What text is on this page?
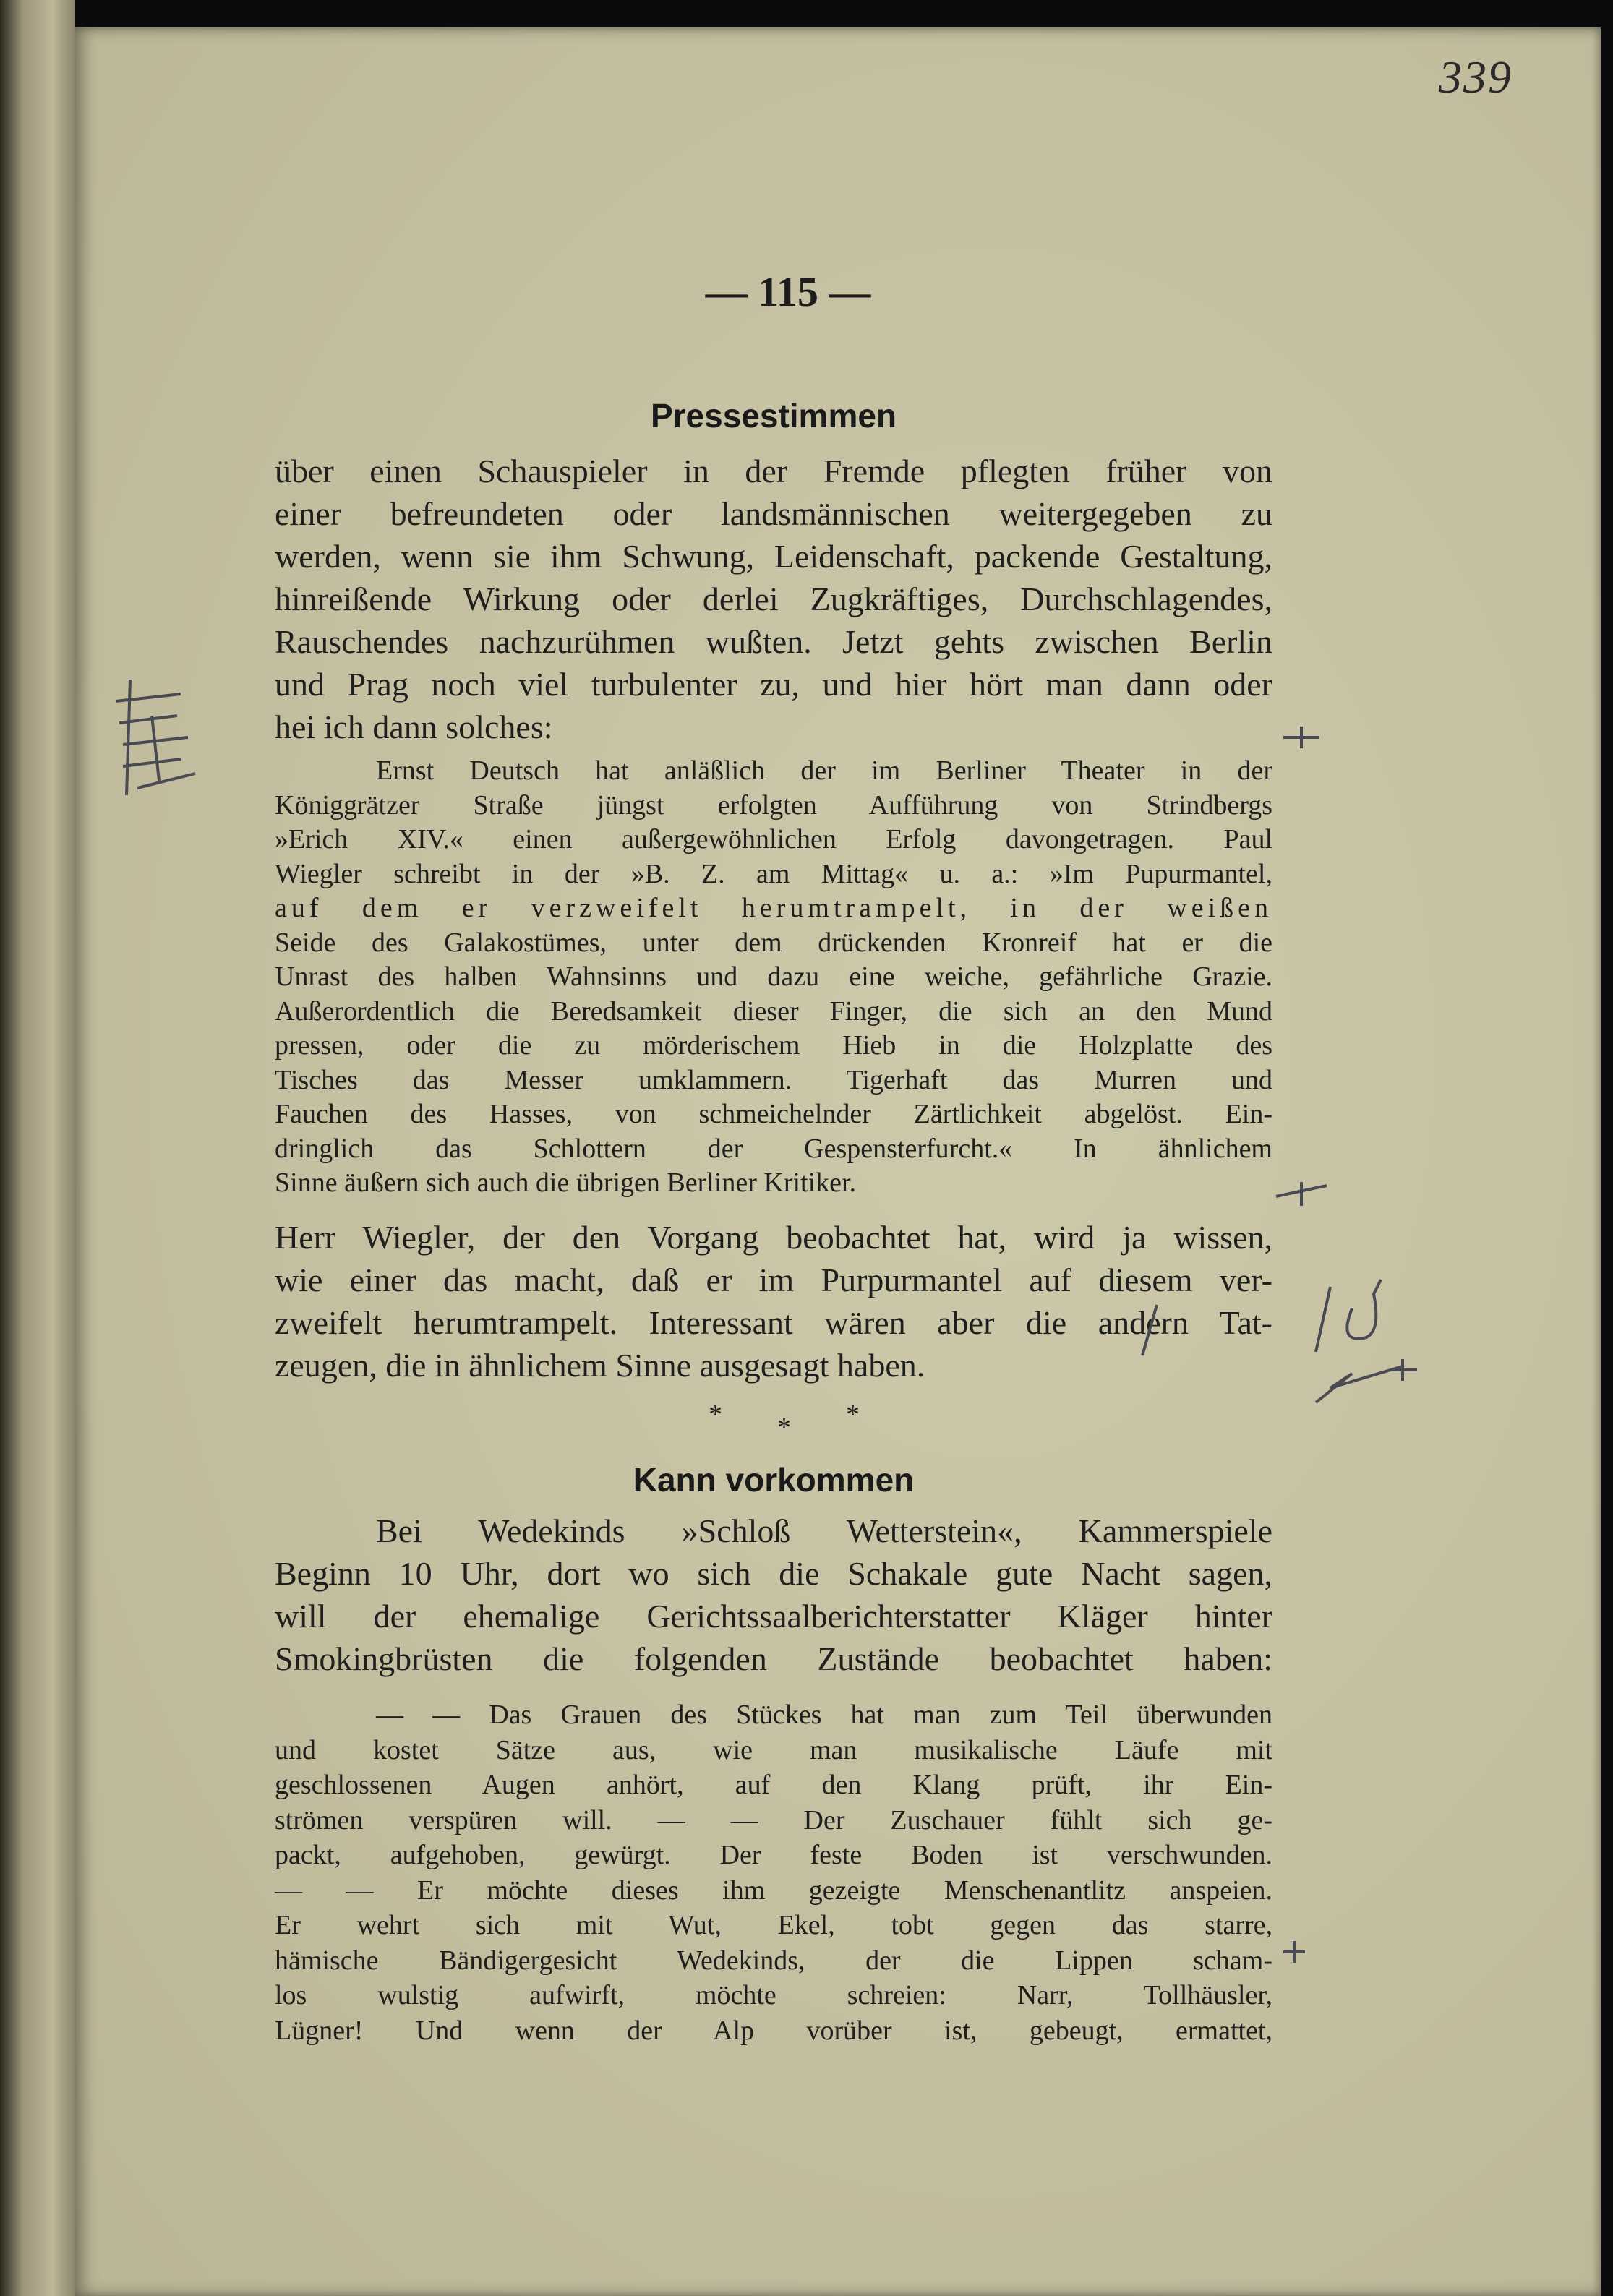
339
— 115 —
Pressestimmen

über einen Schauspieler in der Fremde pflegten früher von

einer befreundeten oder landsmännischen weitergegeben zu

werden, wenn sie ihm Schwung, Leidenschaft, packende Gestaltung,

hinreißende Wirkung oder derlei Zugkräftiges, Durchschlagendes,

Rauschendes nachzurühmen wußten. Jetzt gehts zwischen Berlin

und Prag noch viel turbulenter zu, und hier hört man dann oder

hei ich dann solches:

Ernst Deutsch hat anläßlich der im Berliner Theater in der

Königgrätzer Straße jüngst erfolgten Aufführung von Strindbergs

»Erich XIV.« einen außergewöhnlichen Erfolg davongetragen. Paul

Wiegler schreibt in der »B. Z. am Mittag« u. a.: »Im Pupurmantel,

auf dem er verzweifelt herumtrampelt, in der weißen

Seide des Galakostümes, unter dem drückenden Kronreif hat er die

Unrast des halben Wahnsinns und dazu eine weiche, gefährliche Grazie.

Außerordentlich die Beredsamkeit dieser Finger, die sich an den Mund

pressen, oder die zu mörderischem Hieb in die Holzplatte des

Tisches das Messer umklammern. Tigerhaft das Murren und

Fauchen des Hasses, von schmeichelnder Zärtlichkeit abgelöst. Ein-

dringlich das Schlottern der Gespensterfurcht.« In ähnlichem

Sinne äußern sich auch die übrigen Berliner Kritiker.

Herr Wiegler, der den Vorgang beobachtet hat, wird ja wissen,

wie einer das macht, daß er im Purpurmantel auf diesem ver-

zweifelt herumtrampelt. Interessant wären aber die andern Tat-

zeugen, die in ähnlichem Sinne ausgesagt haben.

* * *
Kann vorkommen

Bei Wedekinds »Schloß Wetterstein«, Kammerspiele

Beginn 10 Uhr, dort wo sich die Schakale gute Nacht sagen,

will der ehemalige Gerichtssaalberichterstatter Kläger hinter

Smokingbrüsten die folgenden Zustände beobachtet haben:

— — Das Grauen des Stückes hat man zum Teil überwunden

und kostet Sätze aus, wie man musikalische Läufe mit

geschlossenen Augen anhört, auf den Klang prüft, ihr Ein-

strömen verspüren will. — — Der Zuschauer fühlt sich ge-

packt, aufgehoben, gewürgt. Der feste Boden ist verschwunden.

— — Er möchte dieses ihm gezeigte Menschenantlitz anspeien.

Er wehrt sich mit Wut, Ekel, tobt gegen das starre,

hämische Bändigergesicht Wedekinds, der die Lippen scham-

los wulstig aufwirft, möchte schreien: Narr, Tollhäusler,

Lügner! Und wenn der Alp vorüber ist, gebeugt, ermattet,
